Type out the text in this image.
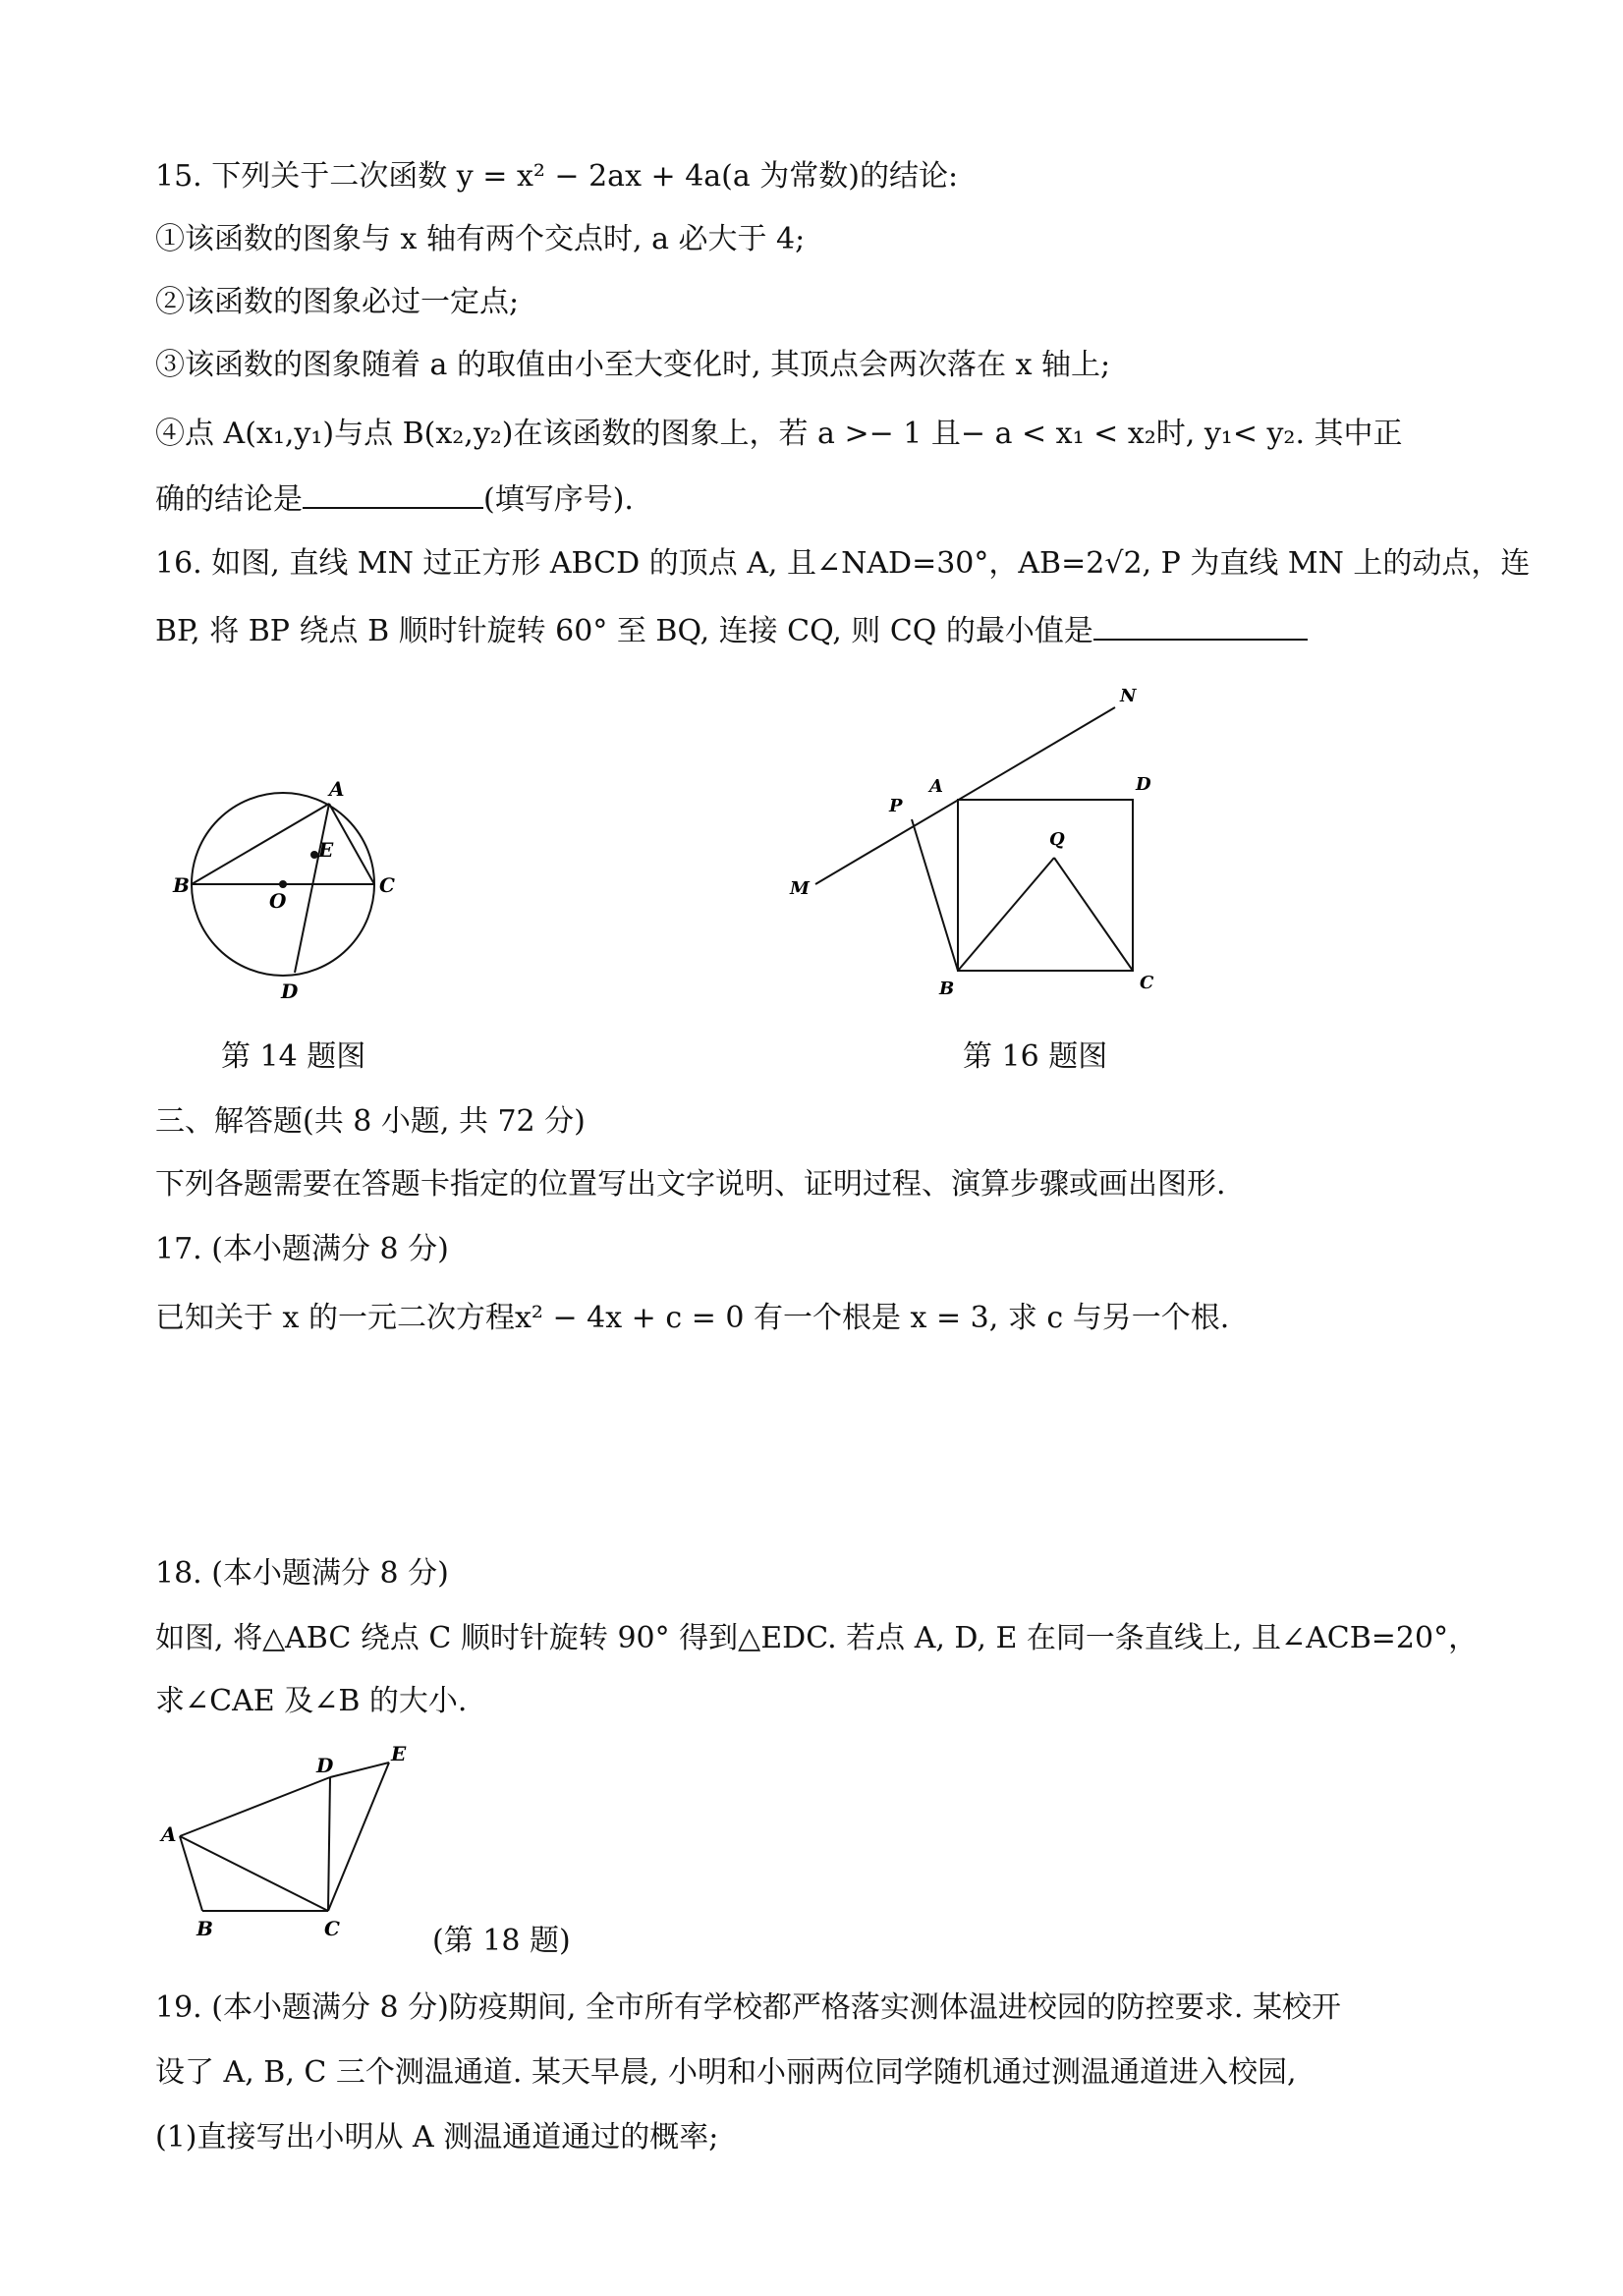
15. 下列关于二次函数 y = x² − 2ax + 4a(a 为常数)的结论:
①该函数的图象与 x 轴有两个交点时, a 必大于 4;
②该函数的图象必过一定点;
③该函数的图象随着 a 的取值由小至大变化时, 其顶点会两次落在 x 轴上;
④点 A(x₁,y₁)与点 B(x₂,y₂)在该函数的图象上，若 a >− 1 且− a < x₁ < x₂时, y₁< y₂. 其中正
确的结论是	(填写序号).
16. 如图, 直线 MN 过正方形 ABCD 的顶点 A, 且∠NAD=30°，AB=2√2, P 为直线 MN 上的动点，连
BP, 将 BP 绕点 B 顺时针旋转 60° 至 BQ, 连接 CQ, 则 CQ 的最小值是
A
B	C
D
E
O
第 14 题图
N
M
P
A	D
Q
B	C
第 16 题图
三、解答题(共 8 小题, 共 72 分)
下列各题需要在答题卡指定的位置写出文字说明、证明过程、演算步骤或画出图形.
17. (本小题满分 8 分)
已知关于 x 的一元二次方程x² − 4x + c = 0 有一个根是 x = 3, 求 c 与另一个根.
18. (本小题满分 8 分)
如图, 将△ABC 绕点 C 顺时针旋转 90° 得到△EDC. 若点 A, D, E 在同一条直线上, 且∠ACB=20°，
求∠CAE 及∠B 的大小.
A
B	C
D	E
(第 18 题)
19. (本小题满分 8 分)防疫期间, 全市所有学校都严格落实测体温进校园的防控要求. 某校开
设了 A, B, C 三个测温通道. 某天早晨, 小明和小丽两位同学随机通过测温通道进入校园,
(1)直接写出小明从 A 测温通道通过的概率;
